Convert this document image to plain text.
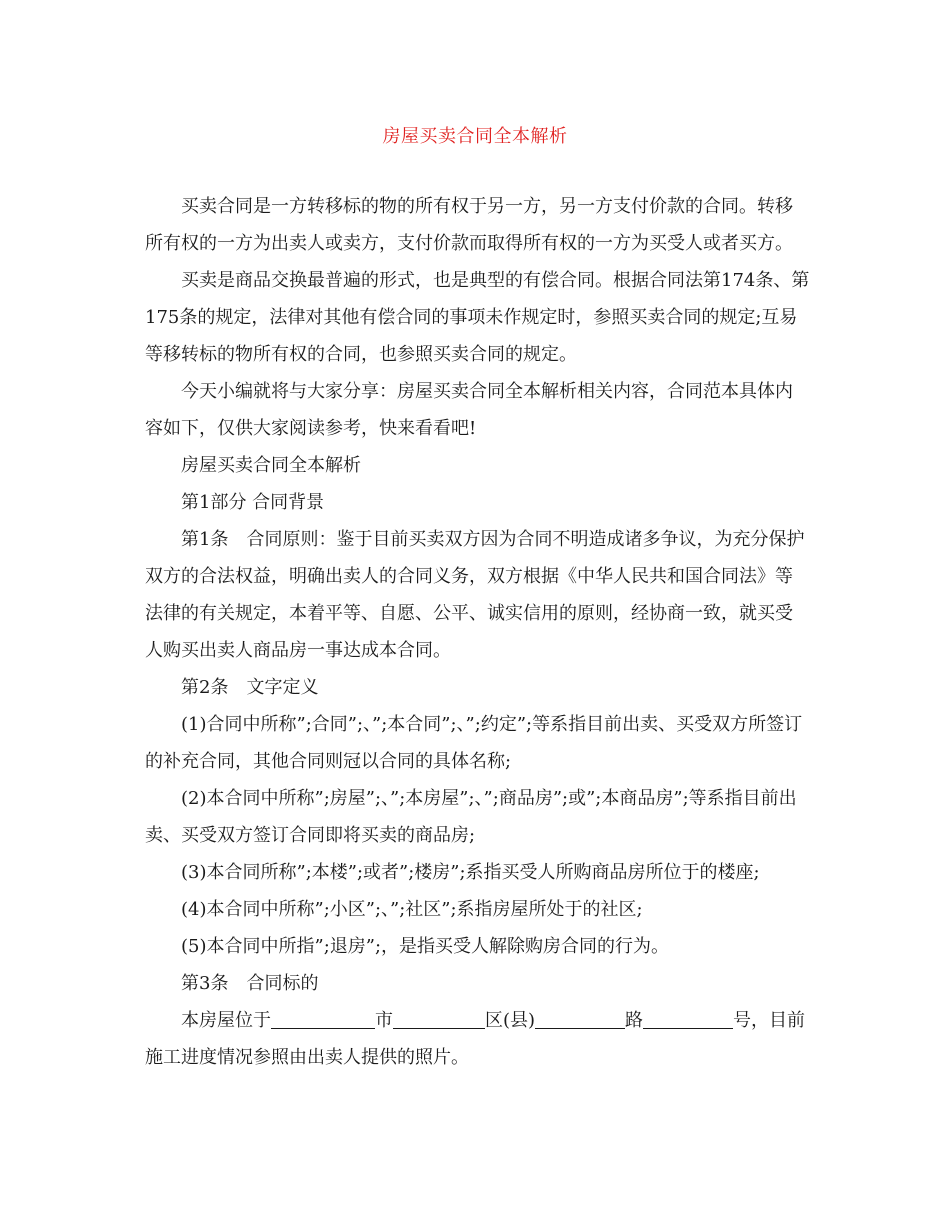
房屋买卖合同全本解析

买卖合同是一方转移标的物的所有权于另一方，另一方支付价款的合同。转移所有权的一方为出卖人或卖方，支付价款而取得所有权的一方为买受人或者买方。

买卖是商品交换最普遍的形式，也是典型的有偿合同。根据合同法第174条、第175条的规定，法律对其他有偿合同的事项未作规定时，参照买卖合同的规定;互易等移转标的物所有权的合同，也参照买卖合同的规定。

今天小编就将与大家分享：房屋买卖合同全本解析相关内容，合同范本具体内容如下，仅供大家阅读参考，快来看看吧!

房屋买卖合同全本解析

第1部分 合同背景

第1条　合同原则：鉴于目前买卖双方因为合同不明造成诸多争议，为充分保护双方的合法权益，明确出卖人的合同义务，双方根据《中华人民共和国合同法》等法律的有关规定，本着平等、自愿、公平、诚实信用的原则，经协商一致，就买受人购买出卖人商品房一事达成本合同。

第2条　文字定义

(1)合同中所称”;合同”;、”;本合同”;、”;约定”;等系指目前出卖、买受双方所签订的补充合同，其他合同则冠以合同的具体名称;

(2)本合同中所称”;房屋”;、”;本房屋”;、”;商品房”;或”;本商品房”;等系指目前出卖、买受双方签订合同即将买卖的商品房;

(3)本合同所称”;本楼”;或者”;楼房”;系指买受人所购商品房所位于的楼座;

(4)本合同中所称”;小区”;、”;社区”;系指房屋所处于的社区;

(5)本合同中所指”;退房”;，是指买受人解除购房合同的行为。

第3条　合同标的

本房屋位于	市	区(县)	路	号，目前施工进度情况参照由出卖人提供的照片。
